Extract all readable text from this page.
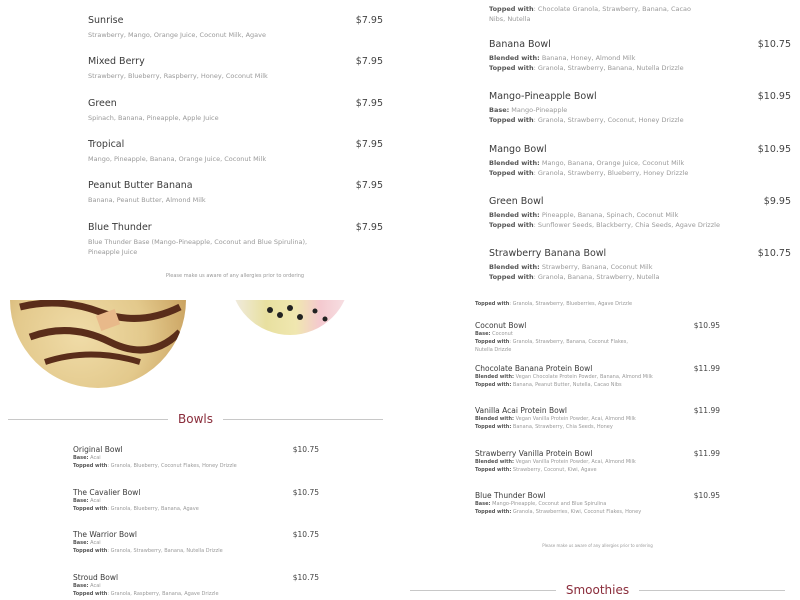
Sunrise	$7.95
Strawberry, Mango, Orange Juice, Coconut Milk, Agave
Mixed Berry	$7.95
Strawberry, Blueberry, Raspberry, Honey, Coconut Milk
Green	$7.95
Spinach, Banana, Pineapple, Apple Juice
Tropical	$7.95
Mango, Pineapple, Banana, Orange Juice, Coconut Milk
Peanut Butter Banana	$7.95
Banana, Peanut Butter, Almond Milk
Blue Thunder	$7.95
Blue Thunder Base (Mango-Pineapple, Coconut and Blue Spirulina),
Pineapple Juice
Please make us aware of any allergies prior to ordering
Topped with: Chocolate Granola, Strawberry, Banana, Cacao
Nibs, Nutella
Banana Bowl	$10.75
Blended with: Banana, Honey, Almond Milk
Topped with: Granola, Strawberry, Banana, Nutella Drizzle
Mango-Pineapple Bowl	$10.95
Base: Mango-Pineapple
Topped with: Granola, Strawberry, Coconut, Honey Drizzle
Mango Bowl	$10.95
Blended with: Mango, Banana, Orange Juice, Coconut Milk
Topped with: Granola, Strawberry, Blueberry, Honey Drizzle
Green Bowl	$9.95
Blended with: Pineapple, Banana, Spinach, Coconut Milk
Topped with: Sunflower Seeds, Blackberry, Chia Seeds, Agave Drizzle
Strawberry Banana Bowl	$10.75
Blended with: Strawberry, Banana, Coconut Milk
Topped with: Granola, Banana, Strawberry, Nutella
Bowls
Original Bowl	$10.75
Base: Acai
Topped with: Granola, Blueberry, Coconut Flakes, Honey Drizzle
The Cavalier Bowl	$10.75
Base: Acai
Topped with: Granola, Blueberry, Banana, Agave
The Warrior Bowl	$10.75
Base: Acai
Topped with: Granola, Strawberry, Banana, Nutella Drizzle
Stroud Bowl	$10.75
Base: Acai
Topped with: Granola, Raspberry, Banana, Agave Drizzle
Topped with: Granola, Strawberry, Blueberries, Agave Drizzle
Coconut Bowl	$10.95
Base: Coconut
Topped with: Granola, Strawberry, Banana, Coconut Flakes,
Nutella Drizzle
Chocolate Banana Protein Bowl	$11.99
Blended with: Vegan Chocolate Protein Powder, Banana, Almond Milk
Topped with: Banana, Peanut Butter, Nutella, Cacao Nibs
Vanilla Acai Protein Bowl	$11.99
Blended with: Vegan Vanilla Protein Powder, Acai, Almond Milk
Topped with: Banana, Strawberry, Chia Seeds, Honey
Strawberry Vanilla Protein Bowl	$11.99
Blended with: Vegan Vanilla Protein Powder, Acai, Almond Milk
Topped with: Strawberry, Coconut, Kiwi, Agave
Blue Thunder Bowl	$10.95
Base: Mango-Pineapple, Coconut and Blue Spirulina
Topped with: Granola, Strawberries, Kiwi, Coconut Flakes, Honey
Please make us aware of any allergies prior to ordering
Smoothies
